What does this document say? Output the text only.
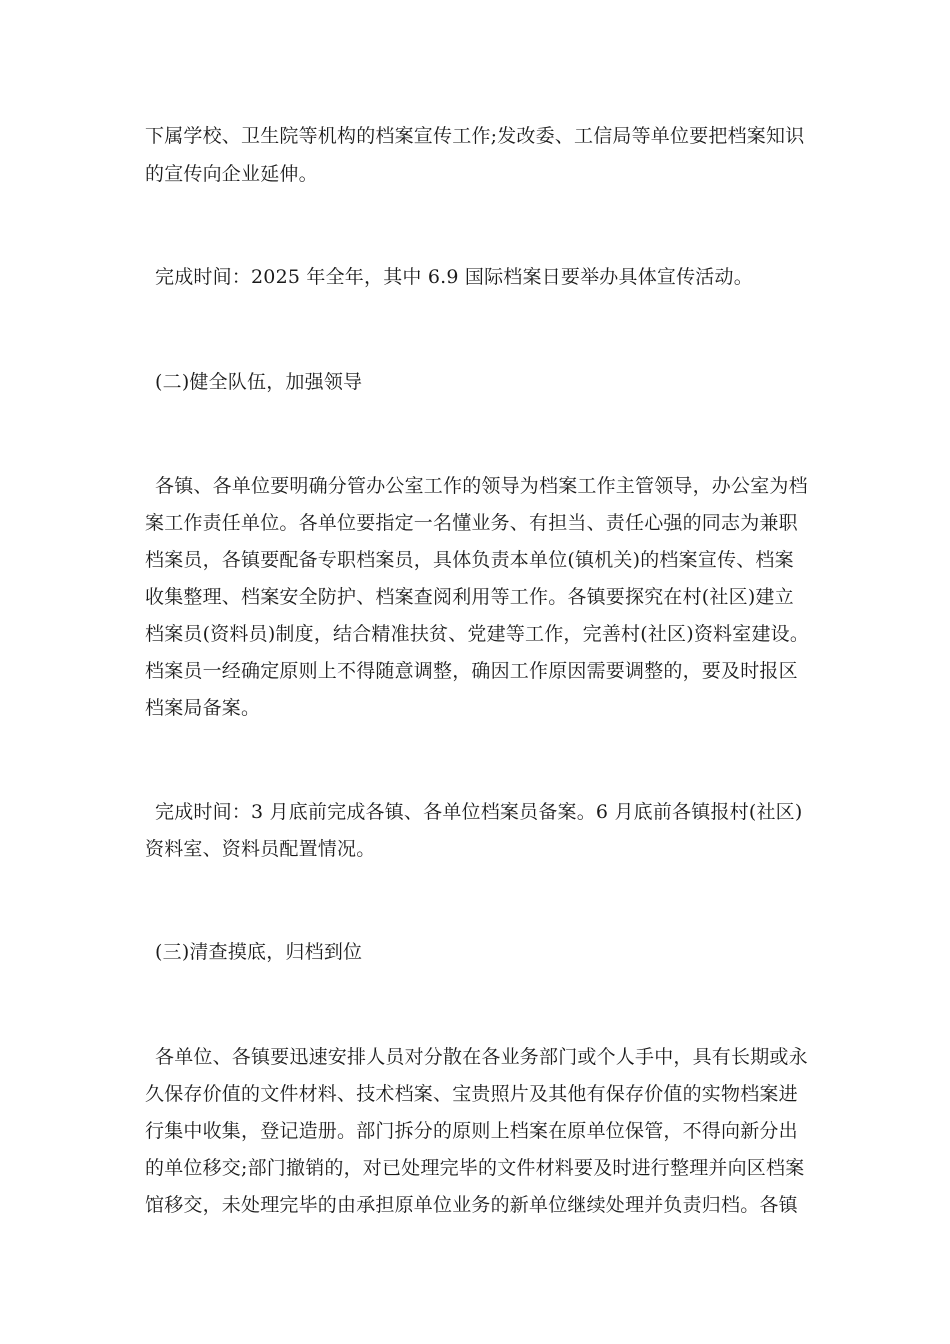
下属学校、卫生院等机构的档案宣传工作;发改委、工信局等单位要把档案知识
的宣传向企业延伸。
完成时间：2025 年全年，其中 6.9 国际档案日要举办具体宣传活动。
(二)健全队伍，加强领导
各镇、各单位要明确分管办公室工作的领导为档案工作主管领导，办公室为档
案工作责任单位。各单位要指定一名懂业务、有担当、责任心强的同志为兼职
档案员，各镇要配备专职档案员，具体负责本单位(镇机关)的档案宣传、档案
收集整理、档案安全防护、档案查阅利用等工作。各镇要探究在村(社区)建立
档案员(资料员)制度，结合精准扶贫、党建等工作，完善村(社区)资料室建设。
档案员一经确定原则上不得随意调整，确因工作原因需要调整的，要及时报区
档案局备案。
完成时间：3 月底前完成各镇、各单位档案员备案。6 月底前各镇报村(社区)
资料室、资料员配置情况。
(三)清查摸底，归档到位
各单位、各镇要迅速安排人员对分散在各业务部门或个人手中，具有长期或永
久保存价值的文件材料、技术档案、宝贵照片及其他有保存价值的实物档案进
行集中收集，登记造册。部门拆分的原则上档案在原单位保管，不得向新分出
的单位移交;部门撤销的，对已处理完毕的文件材料要及时进行整理并向区档案
馆移交，未处理完毕的由承担原单位业务的新单位继续处理并负责归档。各镇
